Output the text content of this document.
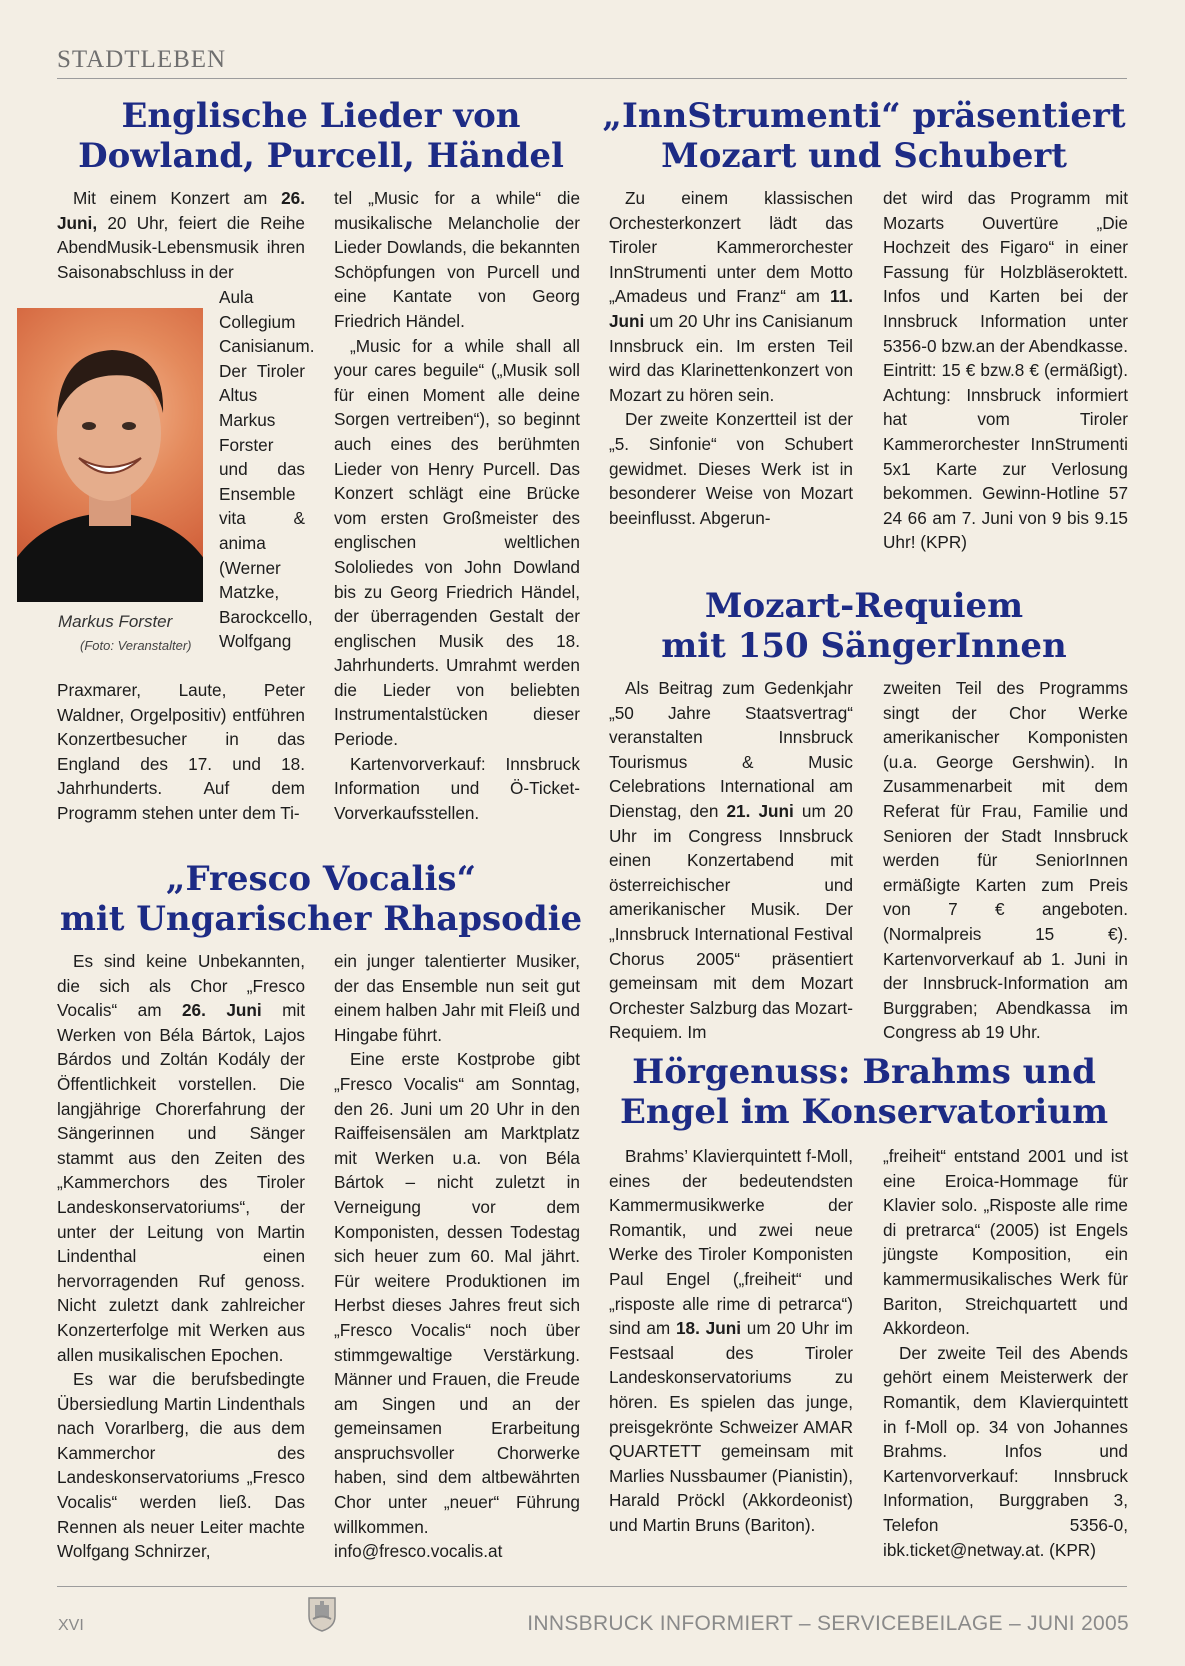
STADTLEBEN
Englische Lieder von
Dowland, Purcell, Händel

Mit einem Konzert am 26. Juni, 20 Uhr, feiert die Reihe AbendMusik-Lebensmusik ihren Saisonabschluss in der

Markus Forster
(Foto: Veranstalter)

Aula Collegium Canisianum. Der Tiroler Altus Markus Forster und das Ensemble vita & anima (Werner Matzke, Barockcello, Wolfgang

Praxmarer, Laute, Peter Waldner, Orgelpositiv) entführen Konzertbesucher in das England des 17. und 18. Jahrhunderts. Auf dem Programm stehen unter dem Ti-

tel „Music for a while“ die musikalische Melancholie der Lieder Dowlands, die bekannten Schöpfungen von Purcell und eine Kantate von Georg Friedrich Händel.

„Music for a while shall all your cares beguile“ („Musik soll für einen Moment alle deine Sorgen vertreiben“), so beginnt auch eines des berühmten Lieder von Henry Purcell. Das Konzert schlägt eine Brücke vom ersten Großmeister des englischen weltlichen Sololiedes von John Dowland bis zu Georg Friedrich Händel, der überragenden Gestalt der englischen Musik des 18. Jahrhunderts. Umrahmt werden die Lieder von beliebten Instrumentalstücken dieser Periode.

Kartenvorverkauf: Innsbruck Information und Ö-Ticket-Vorverkaufsstellen.

„Fresco Vocalis“
mit Ungarischer Rhapsodie

Es sind keine Unbekannten, die sich als Chor „Fresco Vocalis“ am 26. Juni mit Werken von Béla Bártok, Lajos Bárdos und Zoltán Kodály der Öffentlichkeit vorstellen. Die langjährige Chorerfahrung der Sängerinnen und Sänger stammt aus den Zeiten des „Kammerchors des Tiroler Landeskonservatoriums“, der unter der Leitung von Martin Lindenthal einen hervorragenden Ruf genoss. Nicht zuletzt dank zahlreicher Konzerterfolge mit Werken aus allen musikalischen Epochen.

Es war die berufsbedingte Übersiedlung Martin Lindenthals nach Vorarlberg, die aus dem Kammerchor des Landeskonservatoriums „Fresco Vocalis“ werden ließ. Das Rennen als neuer Leiter machte Wolfgang Schnirzer,

ein junger talentierter Musiker, der das Ensemble nun seit gut einem halben Jahr mit Fleiß und Hingabe führt.

Eine erste Kostprobe gibt „Fresco Vocalis“ am Sonntag, den 26. Juni um 20 Uhr in den Raiffeisensälen am Marktplatz mit Werken u.a. von Béla Bártok – nicht zuletzt in Verneigung vor dem Komponisten, dessen Todestag sich heuer zum 60. Mal jährt. Für weitere Produktionen im Herbst dieses Jahres freut sich „Fresco Vocalis“ noch über stimmgewaltige Verstärkung. Männer und Frauen, die Freude am Singen und an der gemeinsamen Erarbeitung anspruchsvoller Chorwerke haben, sind dem altbewährten Chor unter „neuer“ Führung willkommen. info@fresco.vocalis.at

„InnStrumenti“ präsentiert
Mozart und Schubert

Zu einem klassischen Orchesterkonzert lädt das Tiroler Kammerorchester InnStrumenti unter dem Motto „Amadeus und Franz“ am 11. Juni um 20 Uhr ins Canisianum Innsbruck ein. Im ersten Teil wird das Klarinettenkonzert von Mozart zu hören sein.

Der zweite Konzertteil ist der „5. Sinfonie“ von Schubert gewidmet. Dieses Werk ist in besonderer Weise von Mozart beeinflusst. Abgerun-

det wird das Programm mit Mozarts Ouvertüre „Die Hochzeit des Figaro“ in einer Fassung für Holzbläseroktett. Infos und Karten bei der Innsbruck Information unter 5356-0 bzw.an der Abendkasse. Eintritt: 15 € bzw.8 € (ermäßigt). Achtung: Innsbruck informiert hat vom Tiroler Kammerorchester InnStrumenti 5x1 Karte zur Verlosung bekommen. Gewinn-Hotline 57 24 66 am 7. Juni von 9 bis 9.15 Uhr! (KPR)

Mozart-Requiem
mit 150 SängerInnen

Als Beitrag zum Gedenkjahr „50 Jahre Staatsvertrag“ veranstalten Innsbruck Tourismus & Music Celebrations International am Dienstag, den 21. Juni um 20 Uhr im Congress Innsbruck einen Konzertabend mit österreichischer und amerikanischer Musik. Der „Innsbruck International Festival Chorus 2005“ präsentiert gemeinsam mit dem Mozart Orchester Salzburg das Mozart-Requiem. Im

zweiten Teil des Programms singt der Chor Werke amerikanischer Komponisten (u.a. George Gershwin). In Zusammenarbeit mit dem Referat für Frau, Familie und Senioren der Stadt Innsbruck werden für SeniorInnen ermäßigte Karten zum Preis von 7 € angeboten. (Normalpreis 15 €). Kartenvorverkauf ab 1. Juni in der Innsbruck-Information am Burggraben; Abendkassa im Congress ab 19 Uhr.

Hörgenuss: Brahms und
Engel im Konservatorium

Brahms’ Klavierquintett f-Moll, eines der bedeutendsten Kammermusikwerke der Romantik, und zwei neue Werke des Tiroler Komponisten Paul Engel („freiheit“ und „risposte alle rime di petrarca“) sind am 18. Juni um 20 Uhr im Festsaal des Tiroler Landeskonservatoriums zu hören. Es spielen das junge, preisgekrönte Schweizer AMAR QUARTETT gemeinsam mit Marlies Nussbaumer (Pianistin), Harald Pröckl (Akkordeonist) und Martin Bruns (Bariton).

„freiheit“ entstand 2001 und ist eine Eroica-Hommage für Klavier solo. „Risposte alle rime di pretrarca“ (2005) ist Engels jüngste Komposition, ein kammermusikalisches Werk für Bariton, Streichquartett und Akkordeon.

Der zweite Teil des Abends gehört einem Meisterwerk der Romantik, dem Klavierquintett in f-Moll op. 34 von Johannes Brahms. Infos und Kartenvorverkauf: Innsbruck Information, Burggraben 3, Telefon 5356-0, ibk.ticket@netway.at. (KPR)

XVI	INNSBRUCK INFORMIERT – SERVICEBEILAGE – JUNI 2005
